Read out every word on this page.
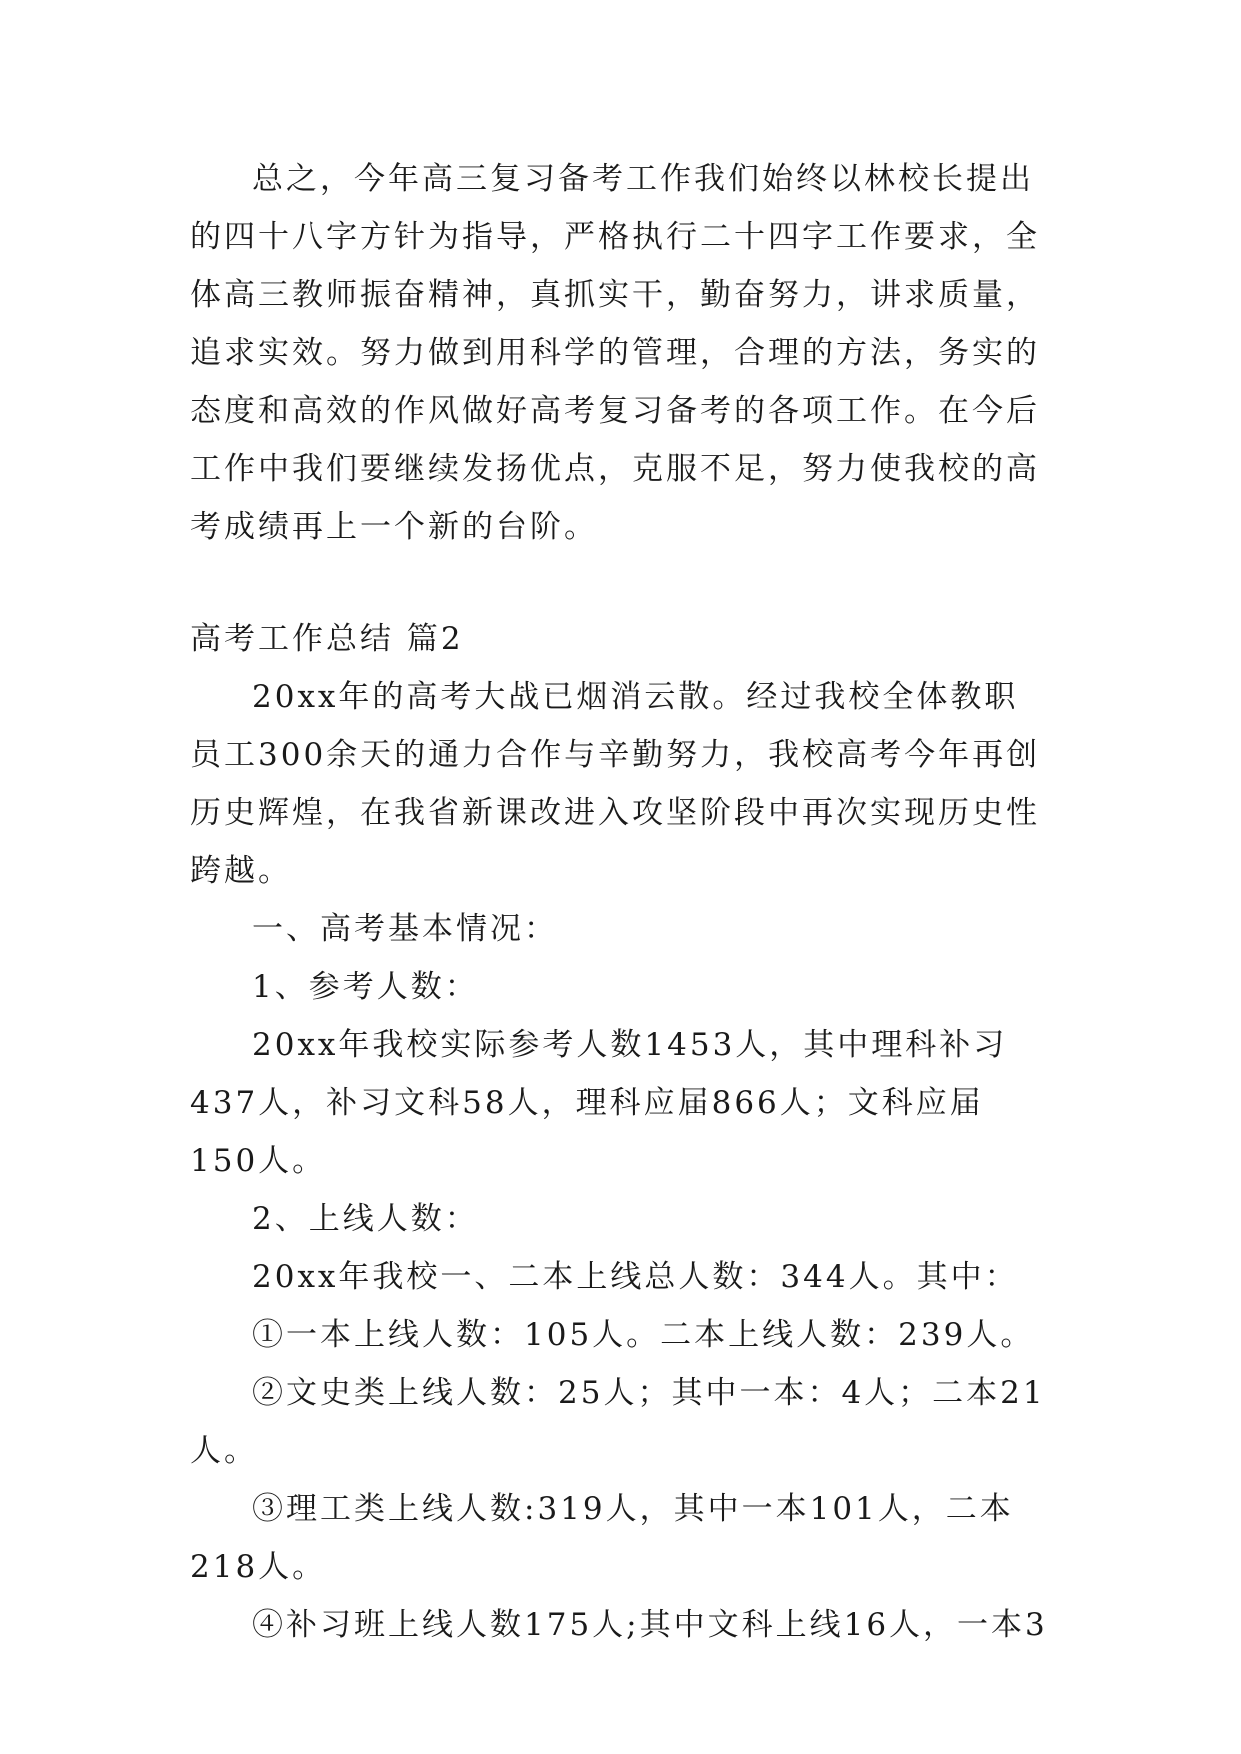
总之，今年高三复习备考工作我们始终以林校长提出的四十八字方针为指导，严格执行二十四字工作要求，全体高三教师振奋精神，真抓实干，勤奋努力，讲求质量，追求实效。努力做到用科学的管理，合理的方法，务实的态度和高效的作风做好高考复习备考的各项工作。在今后工作中我们要继续发扬优点，克服不足，努力使我校的高考成绩再上一个新的台阶。

高考工作总结 篇2

20xx年的高考大战已烟消云散。经过我校全体教职员工300余天的通力合作与辛勤努力，我校高考今年再创历史辉煌，在我省新课改进入攻坚阶段中再次实现历史性跨越。

一、高考基本情况：

1、参考人数：

20xx年我校实际参考人数1453人，其中理科补习437人，补习文科58人，理科应届866人；文科应届150人。

2、上线人数：

20xx年我校一、二本上线总人数：344人。其中：

①一本上线人数：105人。二本上线人数：239人。

②文史类上线人数：25人；其中一本：4人；二本21人。

③理工类上线人数:319人，其中一本101人，二本218人。

④补习班上线人数175人;其中文科上线16人，一本3
